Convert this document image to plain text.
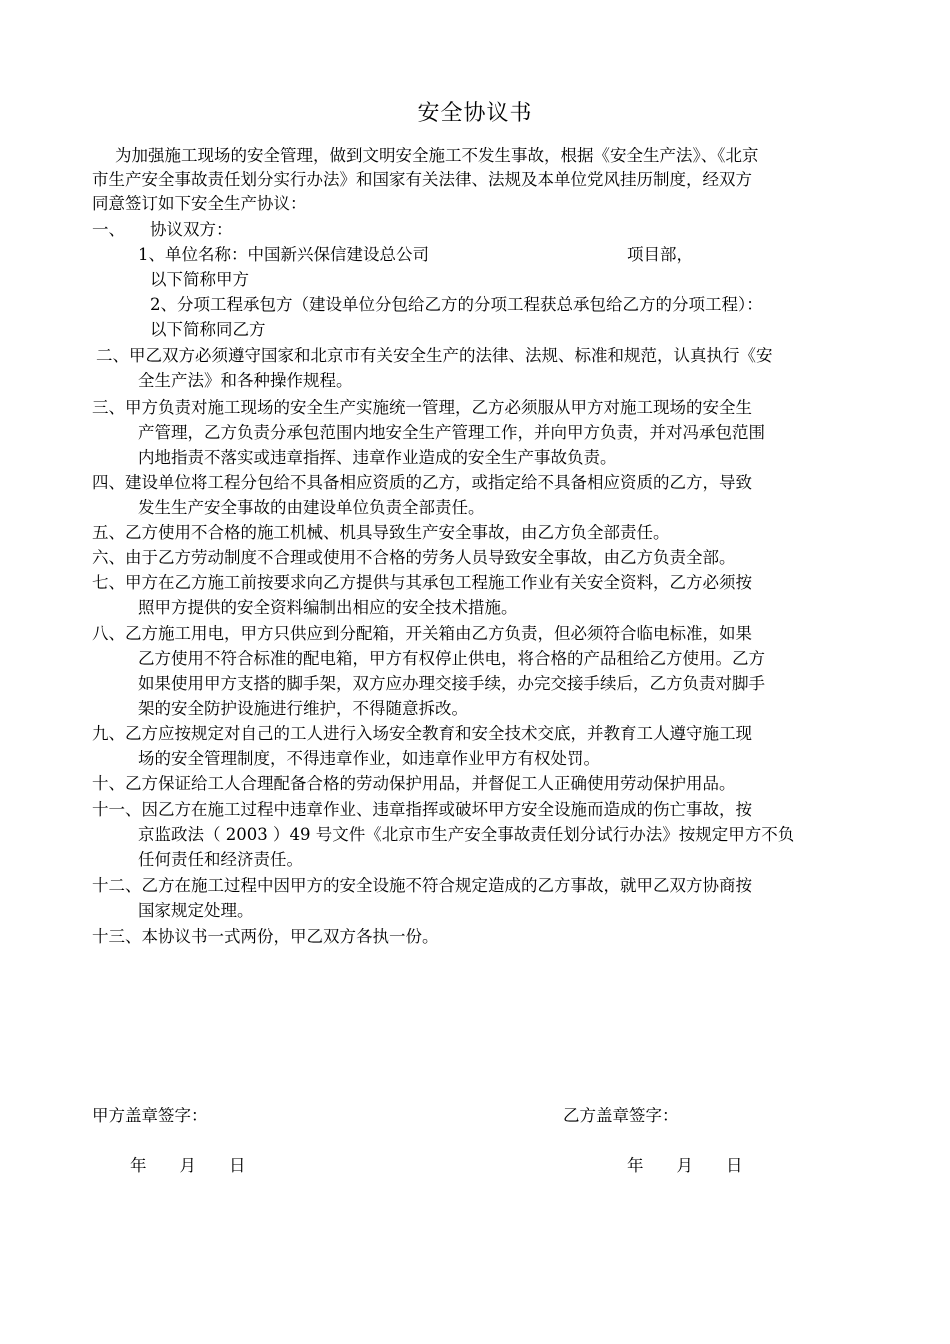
安全协议书
为加强施工现场的安全管理，做到文明安全施工不发生事故，根据《安全生产法》、《北京
市生产安全事故责任划分实行办法》和国家有关法律、法规及本单位党风挂历制度，经双方
同意签订如下安全生产协议：
一、 协议双方：
1、单位名称：中国新兴保信建设总公司	项目部，
以下简称甲方
2、分项工程承包方（建设单位分包给乙方的分项工程获总承包给乙方的分项工程）：
以下简称同乙方
二、甲乙双方必须遵守国家和北京市有关安全生产的法律、法规、标准和规范，认真执行《安
全生产法》和各种操作规程。
三、甲方负责对施工现场的安全生产实施统一管理，乙方必须服从甲方对施工现场的安全生
产管理，乙方负责分承包范围内地安全生产管理工作，并向甲方负责，并对冯承包范围
内地指责不落实或违章指挥、违章作业造成的安全生产事故负责。
四、建设单位将工程分包给不具备相应资质的乙方，或指定给不具备相应资质的乙方，导致
发生生产安全事故的由建设单位负责全部责任。
五、乙方使用不合格的施工机械、机具导致生产安全事故，由乙方负全部责任。
六、由于乙方劳动制度不合理或使用不合格的劳务人员导致安全事故，由乙方负责全部。
七、甲方在乙方施工前按要求向乙方提供与其承包工程施工作业有关安全资料，乙方必须按
照甲方提供的安全资料编制出相应的安全技术措施。
八、乙方施工用电，甲方只供应到分配箱，开关箱由乙方负责，但必须符合临电标准，如果
乙方使用不符合标准的配电箱，甲方有权停止供电，将合格的产品租给乙方使用。乙方
如果使用甲方支搭的脚手架，双方应办理交接手续，办完交接手续后，乙方负责对脚手
架的安全防护设施进行维护，不得随意拆改。
九、乙方应按规定对自己的工人进行入场安全教育和安全技术交底，并教育工人遵守施工现
场的安全管理制度，不得违章作业，如违章作业甲方有权处罚。
十、乙方保证给工人合理配备合格的劳动保护用品，并督促工人正确使用劳动保护用品。
十一、因乙方在施工过程中违章作业、违章指挥或破坏甲方安全设施而造成的伤亡事故，按
京监政法（ 2003 ）49 号文件《北京市生产安全事故责任划分试行办法》按规定甲方不负
任何责任和经济责任。
十二、乙方在施工过程中因甲方的安全设施不符合规定造成的乙方事故，就甲乙双方协商按
国家规定处理。
十三、本协议书一式两份，甲乙双方各执一份。
甲方盖章签字：	乙方盖章签字：
年　　月　　日	年　　月　　日
